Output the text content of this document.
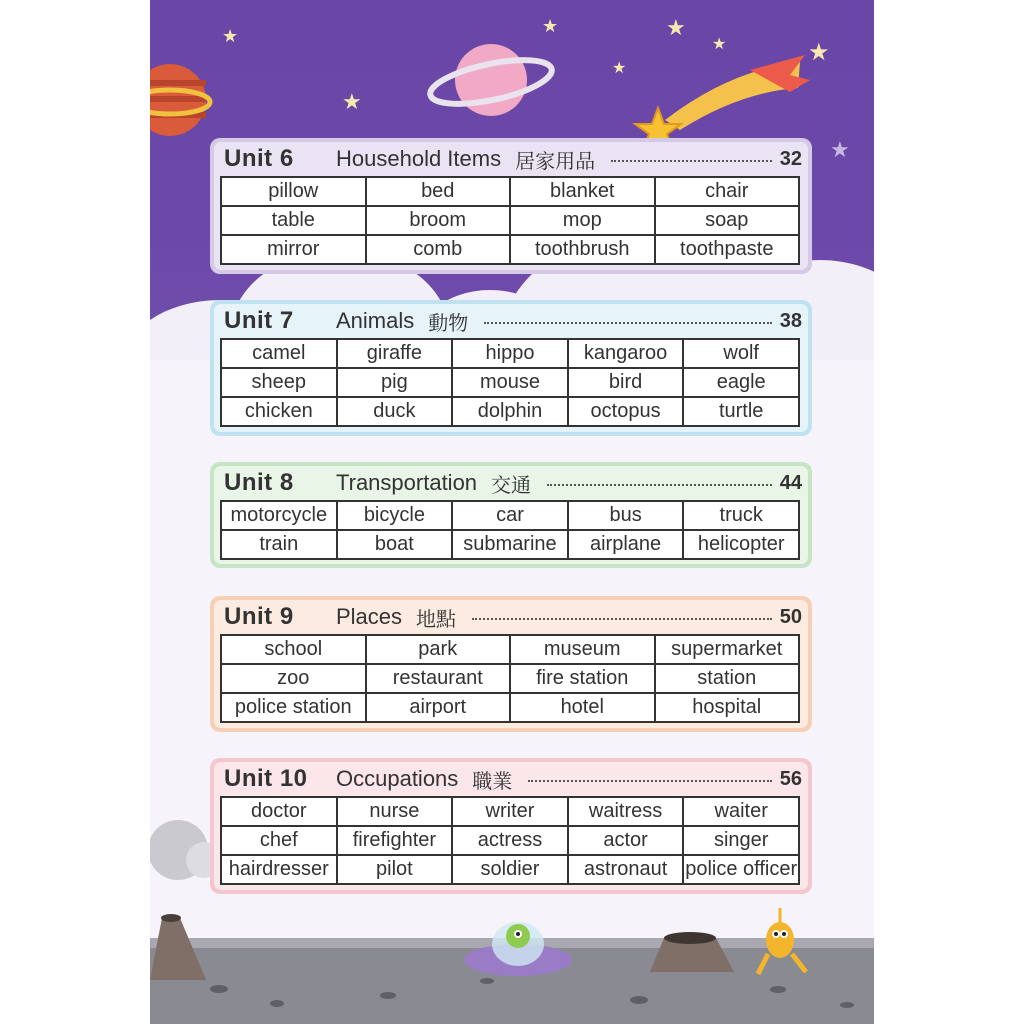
★
★
★
★
★
★	★
★
Unit 6	Household Items 居家用品	32
pillow	bed	blanket	chair
table	broom	mop	soap
mirror	comb	toothbrush	toothpaste
Unit 7	Animals 動物	38
camel	giraffe	hippo	kangaroo	wolf
sheep	pig	mouse	bird	eagle
chicken	duck	dolphin	octopus	turtle
Unit 8	Transportation 交通	44
motorcycle	bicycle	car	bus	truck
train	boat	submarine	airplane	helicopter
Unit 9	Places 地點	50
school	park	museum	supermarket
zoo	restaurant	fire station	station
police station	airport	hotel	hospital
Unit 10	Occupations 職業	56
doctor	nurse	writer	waitress	waiter
chef	firefighter	actress	actor	singer
hairdresser	pilot	soldier	astronaut	police officer
